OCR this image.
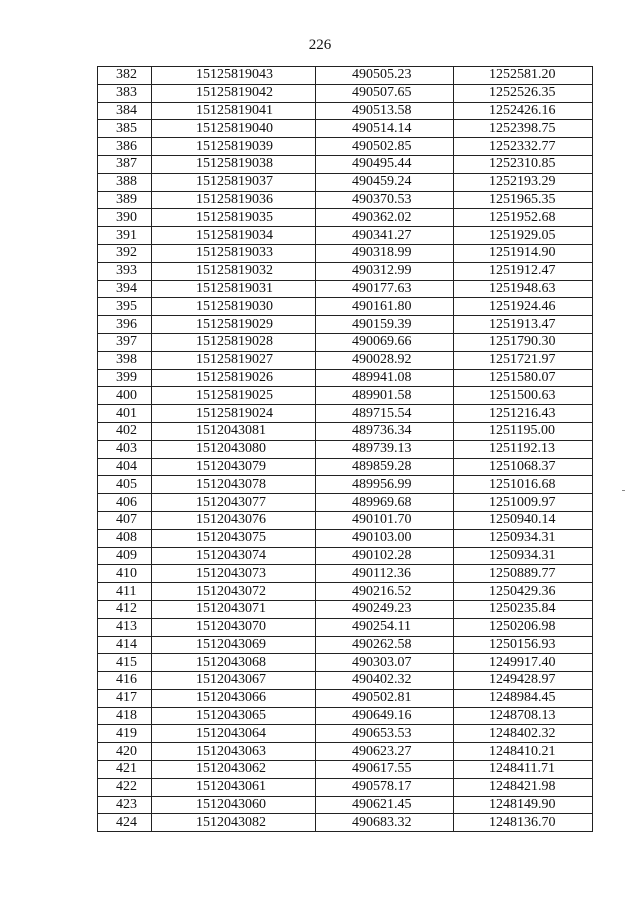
226
382	15125819043	490505.23	1252581.20
383	15125819042	490507.65	1252526.35
384	15125819041	490513.58	1252426.16
385	15125819040	490514.14	1252398.75
386	15125819039	490502.85	1252332.77
387	15125819038	490495.44	1252310.85
388	15125819037	490459.24	1252193.29
389	15125819036	490370.53	1251965.35
390	15125819035	490362.02	1251952.68
391	15125819034	490341.27	1251929.05
392	15125819033	490318.99	1251914.90
393	15125819032	490312.99	1251912.47
394	15125819031	490177.63	1251948.63
395	15125819030	490161.80	1251924.46
396	15125819029	490159.39	1251913.47
397	15125819028	490069.66	1251790.30
398	15125819027	490028.92	1251721.97
399	15125819026	489941.08	1251580.07
400	15125819025	489901.58	1251500.63
401	15125819024	489715.54	1251216.43
402	1512043081	489736.34	1251195.00
403	1512043080	489739.13	1251192.13
404	1512043079	489859.28	1251068.37
405	1512043078	489956.99	1251016.68
406	1512043077	489969.68	1251009.97
407	1512043076	490101.70	1250940.14
408	1512043075	490103.00	1250934.31
409	1512043074	490102.28	1250934.31
410	1512043073	490112.36	1250889.77
411	1512043072	490216.52	1250429.36
412	1512043071	490249.23	1250235.84
413	1512043070	490254.11	1250206.98
414	1512043069	490262.58	1250156.93
415	1512043068	490303.07	1249917.40
416	1512043067	490402.32	1249428.97
417	1512043066	490502.81	1248984.45
418	1512043065	490649.16	1248708.13
419	1512043064	490653.53	1248402.32
420	1512043063	490623.27	1248410.21
421	1512043062	490617.55	1248411.71
422	1512043061	490578.17	1248421.98
423	1512043060	490621.45	1248149.90
424	1512043082	490683.32	1248136.70
